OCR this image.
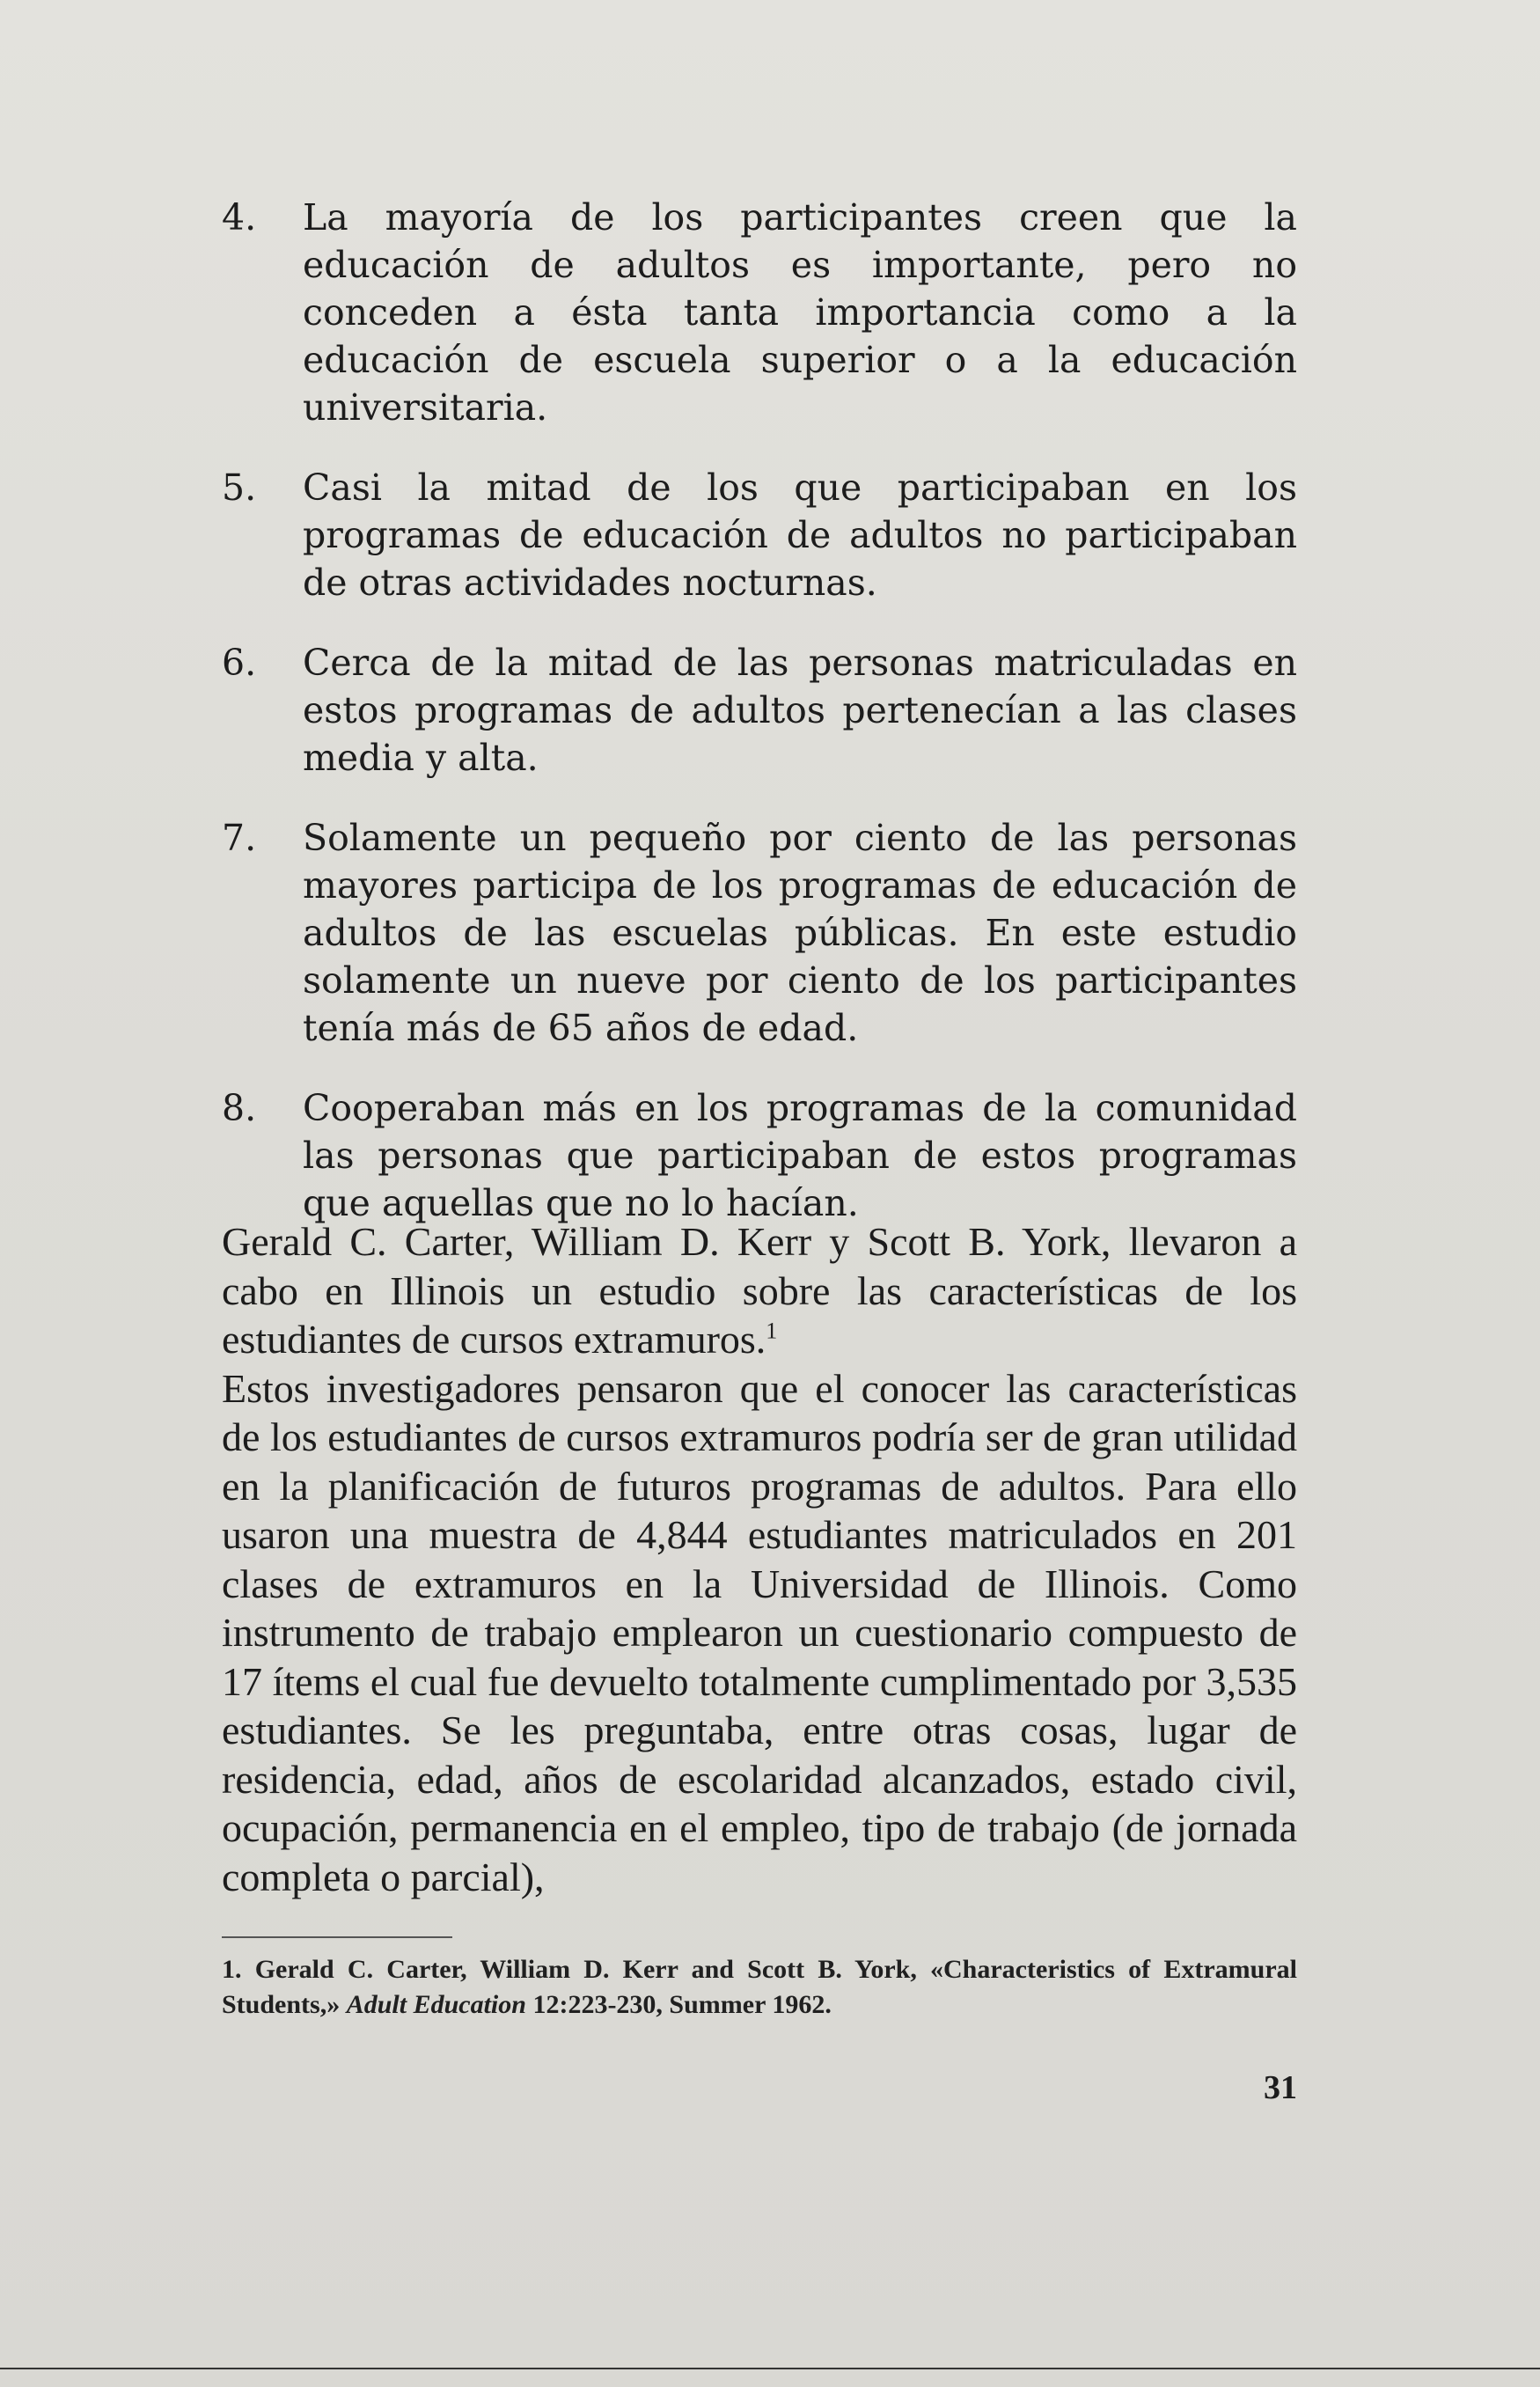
4. La mayoría de los participantes creen que la educación de adultos es importante, pero no conceden a ésta tanta importancia como a la educación de escuela superior o a la educación universitaria.
5. Casi la mitad de los que participaban en los programas de educación de adultos no participaban de otras actividades nocturnas.
6. Cerca de la mitad de las personas matriculadas en estos programas de adultos pertenecían a las clases media y alta.
7. Solamente un pequeño por ciento de las personas mayores participa de los programas de educación de adultos de las escuelas públicas. En este estudio solamente un nueve por ciento de los participantes tenía más de 65 años de edad.
8. Cooperaban más en los programas de la comunidad las personas que participaban de estos programas que aquellas que no lo hacían.

Gerald C. Carter, William D. Kerr y Scott B. York, llevaron a cabo en Illinois un estudio sobre las características de los estudiantes de cursos extramuros.$^1$

Estos investigadores pensaron que el conocer las características de los estudiantes de cursos extramuros podría ser de gran utilidad en la planificación de futuros programas de adultos. Para ello usaron una muestra de 4,844 estudiantes matriculados en 201 clases de extramuros en la Universidad de Illinois. Como instrumento de trabajo emplearon un cuestionario compuesto de 17 ítems el cual fue devuelto totalmente cumplimentado por 3,535 estudiantes. Se les preguntaba, entre otras cosas, lugar de residencia, edad, años de escolaridad alcanzados, estado civil, ocupación, permanencia en el empleo, tipo de trabajo (de jornada completa o parcial),

1. Gerald C. Carter, William D. Kerr and Scott B. York, «Characteristics of Extramural Students,» Adult Education 12:223-230, Summer 1962.
31
